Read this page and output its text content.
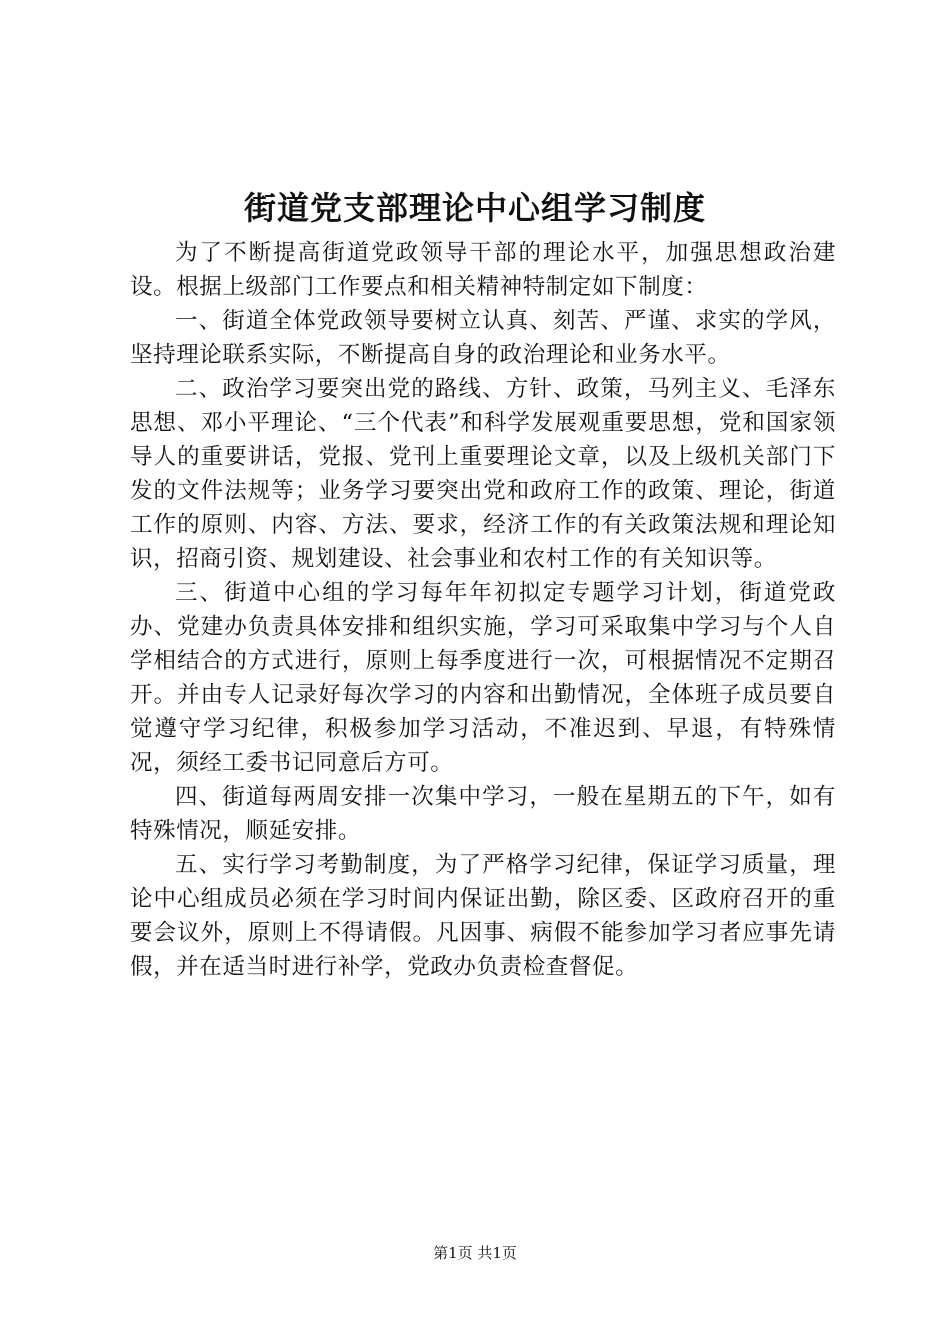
街道党支部理论中心组学习制度

为了不断提高街道党政领导干部的理论水平，加强思想政治建设。根据上级部门工作要点和相关精神特制定如下制度：

一、街道全体党政领导要树立认真、刻苦、严谨、求实的学风，坚持理论联系实际，不断提高自身的政治理论和业务水平。

二、政治学习要突出党的路线、方针、政策，马列主义、毛泽东思想、邓小平理论、“三个代表”和科学发展观重要思想，党和国家领导人的重要讲话，党报、党刊上重要理论文章，以及上级机关部门下发的文件法规等；业务学习要突出党和政府工作的政策、理论，街道工作的原则、内容、方法、要求，经济工作的有关政策法规和理论知识，招商引资、规划建设、社会事业和农村工作的有关知识等。

三、街道中心组的学习每年年初拟定专题学习计划，街道党政办、党建办负责具体安排和组织实施，学习可采取集中学习与个人自学相结合的方式进行，原则上每季度进行一次，可根据情况不定期召开。并由专人记录好每次学习的内容和出勤情况，全体班子成员要自觉遵守学习纪律，积极参加学习活动，不准迟到、早退，有特殊情况，须经工委书记同意后方可。

四、街道每两周安排一次集中学习，一般在星期五的下午，如有特殊情况，顺延安排。

五、实行学习考勤制度，为了严格学习纪律，保证学习质量，理论中心组成员必须在学习时间内保证出勤，除区委、区政府召开的重要会议外，原则上不得请假。凡因事、病假不能参加学习者应事先请假，并在适当时进行补学，党政办负责检查督促。

第1页 共1页
